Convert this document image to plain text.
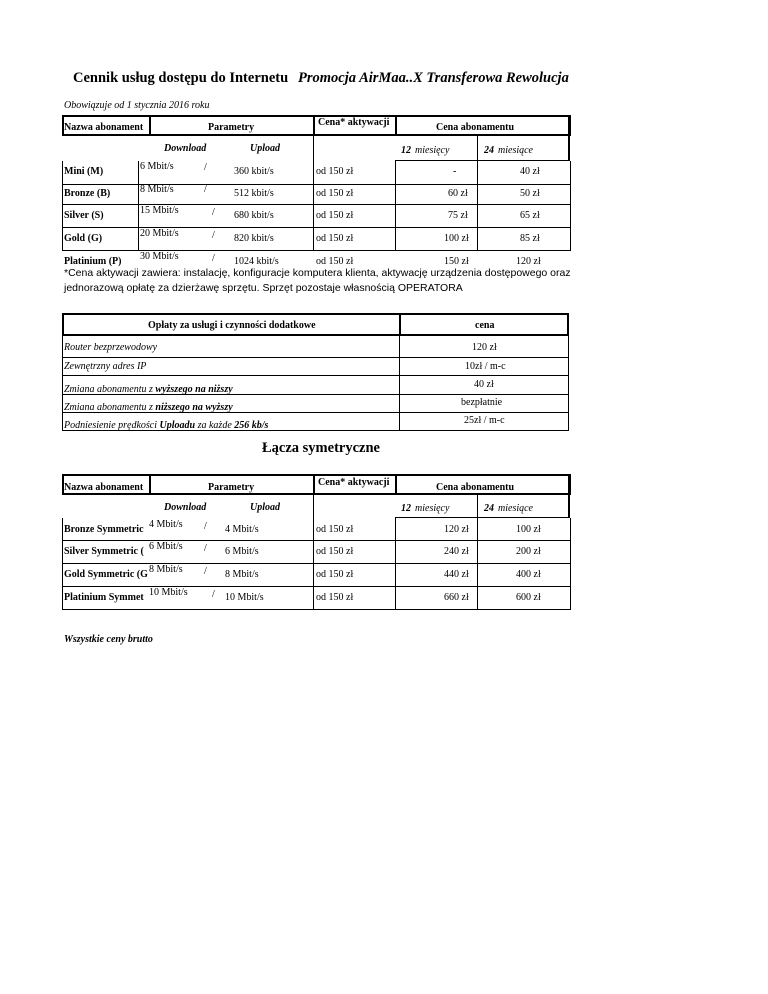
Cennik usług dostępu do Internetu Promocja AirMaa..X Transferowa Rewolucja
Obowiązuje od 1 stycznia 2016 roku
Nazwa abonament	Parametry	Cena* aktywacji	Cena abonamentu
Download	Upload	12 miesięcy	24 miesiące
Mini (M)	6 Mbit/s	/	360 kbit/s	od 150 zł	-	40 zł
Bronze (B)	8 Mbit/s	/	512 kbit/s	od 150 zł	60 zł	50 zł
Silver (S)	15 Mbit/s	/ 680 kbit/s	od 150 zł	75 zł	65 zł
Gold (G)	20 Mbit/s	/ 820 kbit/s	od 150 zł	100 zł	85 zł
Platinium (P) 30 Mbit/s	/ 1024 kbit/s	od 150 zł	150 zł	120 zł
*Cena aktywacji zawiera: instalację, konfiguracje komputera klienta, aktywację urządzenia dostępowego oraz jednorazową opłatę za dzierżawę sprzętu. Sprzęt pozostaje własnością OPERATORA
Opłaty za usługi i czynności dodatkowe	cena
Router bezprzewodowy	120 zł
Zewnętrzny adres IP	10zł / m-c
Zmiana abonamentu z wyższego na niższy	40 zł
Zmiana abonamentu z niższego na wyższy	bezpłatnie
Podniesienie prędkości Uploadu za każde 256 kb/s	25zł / m-c
Łącza symetryczne
Nazwa abonament	Parametry	Cena* aktywacji	Cena abonamentu
Download	Upload	12 miesięcy	24 miesiące
Bronze Symmetric 4 Mbit/s / 4 Mbit/s	od 150 zł	120 zł	100 zł
Silver Symmetric ( 6 Mbit/s / 6 Mbit/s	od 150 zł	240 zł	200 zł
Gold Symmetric (G 8 Mbit/s / 8 Mbit/s	od 150 zł	440 zł	400 zł
Platinium Symmet 10 Mbit/s / 10 Mbit/s	od 150 zł	660 zł	600 zł
Wszystkie ceny brutto
